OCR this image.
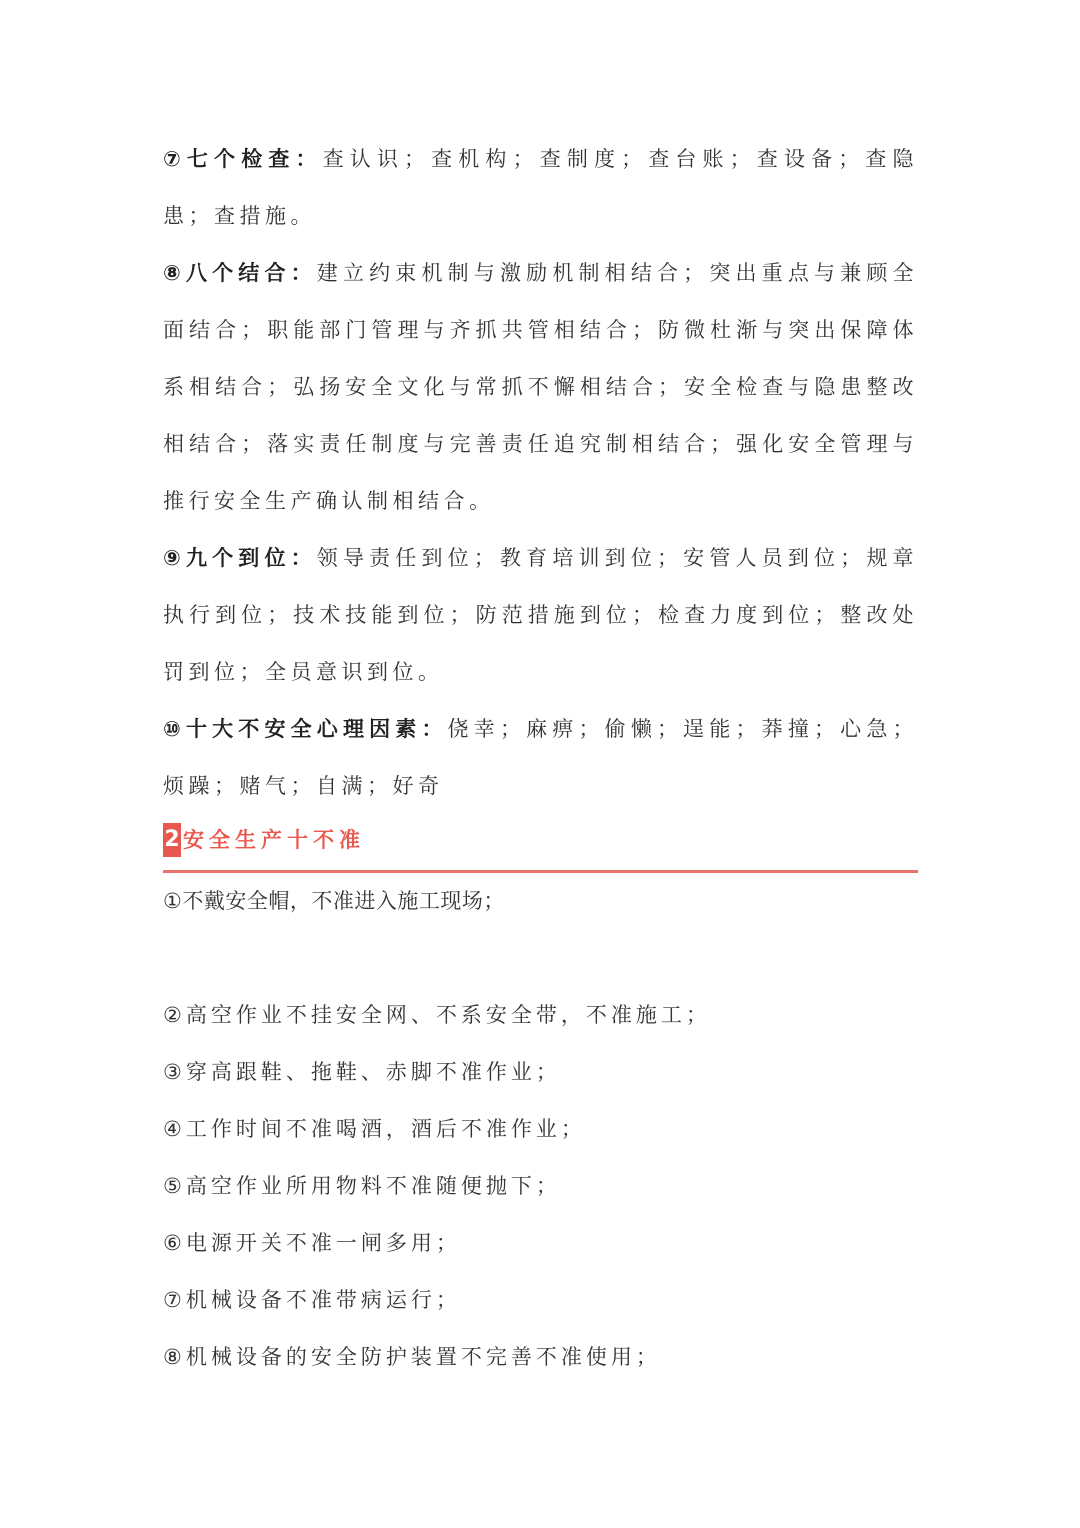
⑦七个检查：查认识；查机构；查制度；查台账；查设备；查隐患；查措施。

⑧八个结合：建立约束机制与激励机制相结合；突出重点与兼顾全面结合；职能部门管理与齐抓共管相结合；防微杜渐与突出保障体系相结合；弘扬安全文化与常抓不懈相结合；安全检查与隐患整改相结合；落实责任制度与完善责任追究制相结合；强化安全管理与推行安全生产确认制相结合。

⑨九个到位：领导责任到位；教育培训到位；安管人员到位；规章执行到位；技术技能到位；防范措施到位；检查力度到位；整改处罚到位；全员意识到位。

⑩十大不安全心理因素：侥幸；麻痹；偷懒；逞能；莽撞；心急；烦躁；赌气；自满；好奇

2 安全生产十不准

①不戴安全帽，不准进入施工现场；

②高空作业不挂安全网、不系安全带，不准施工；

③穿高跟鞋、拖鞋、赤脚不准作业；

④工作时间不准喝酒，酒后不准作业；

⑤高空作业所用物料不准随便抛下；

⑥电源开关不准一闸多用；

⑦机械设备不准带病运行；

⑧机械设备的安全防护装置不完善不准使用；
